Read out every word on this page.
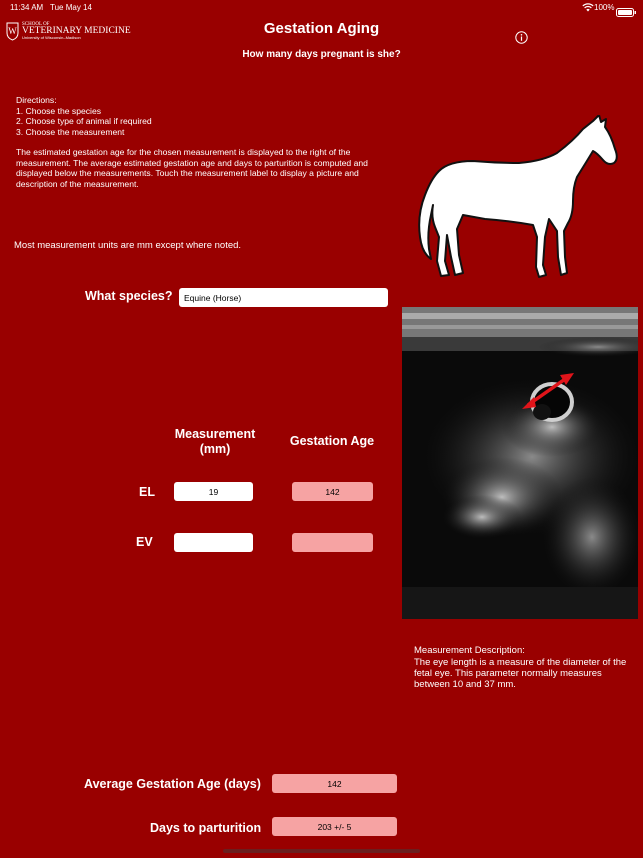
11:34 AM Tue May 14	100%
W
SCHOOL OF
VETERINARY MEDICINE
University of Wisconsin–Madison
Gestation Aging
How many days pregnant is she?
Directions:
1. Choose the species
2. Choose type of animal if required
3. Choose the measurement
The estimated gestation age for the chosen measurement is displayed to the right of the measurement. The average estimated gestation age and days to parturition is computed and displayed below the measurements. Touch the measurement label to display a picture and description of the measurement.
Most measurement units are mm except where noted.
What species?	Equine (Horse)
Measurement (mm)
Gestation Age
EL	19	142
EV
Measurement Description:
The eye length is a measure of the diameter of the fetal eye. This parameter normally measures between 10 and 37 mm.
Average Gestation Age (days)	142
Days to parturition	203 +/- 5
